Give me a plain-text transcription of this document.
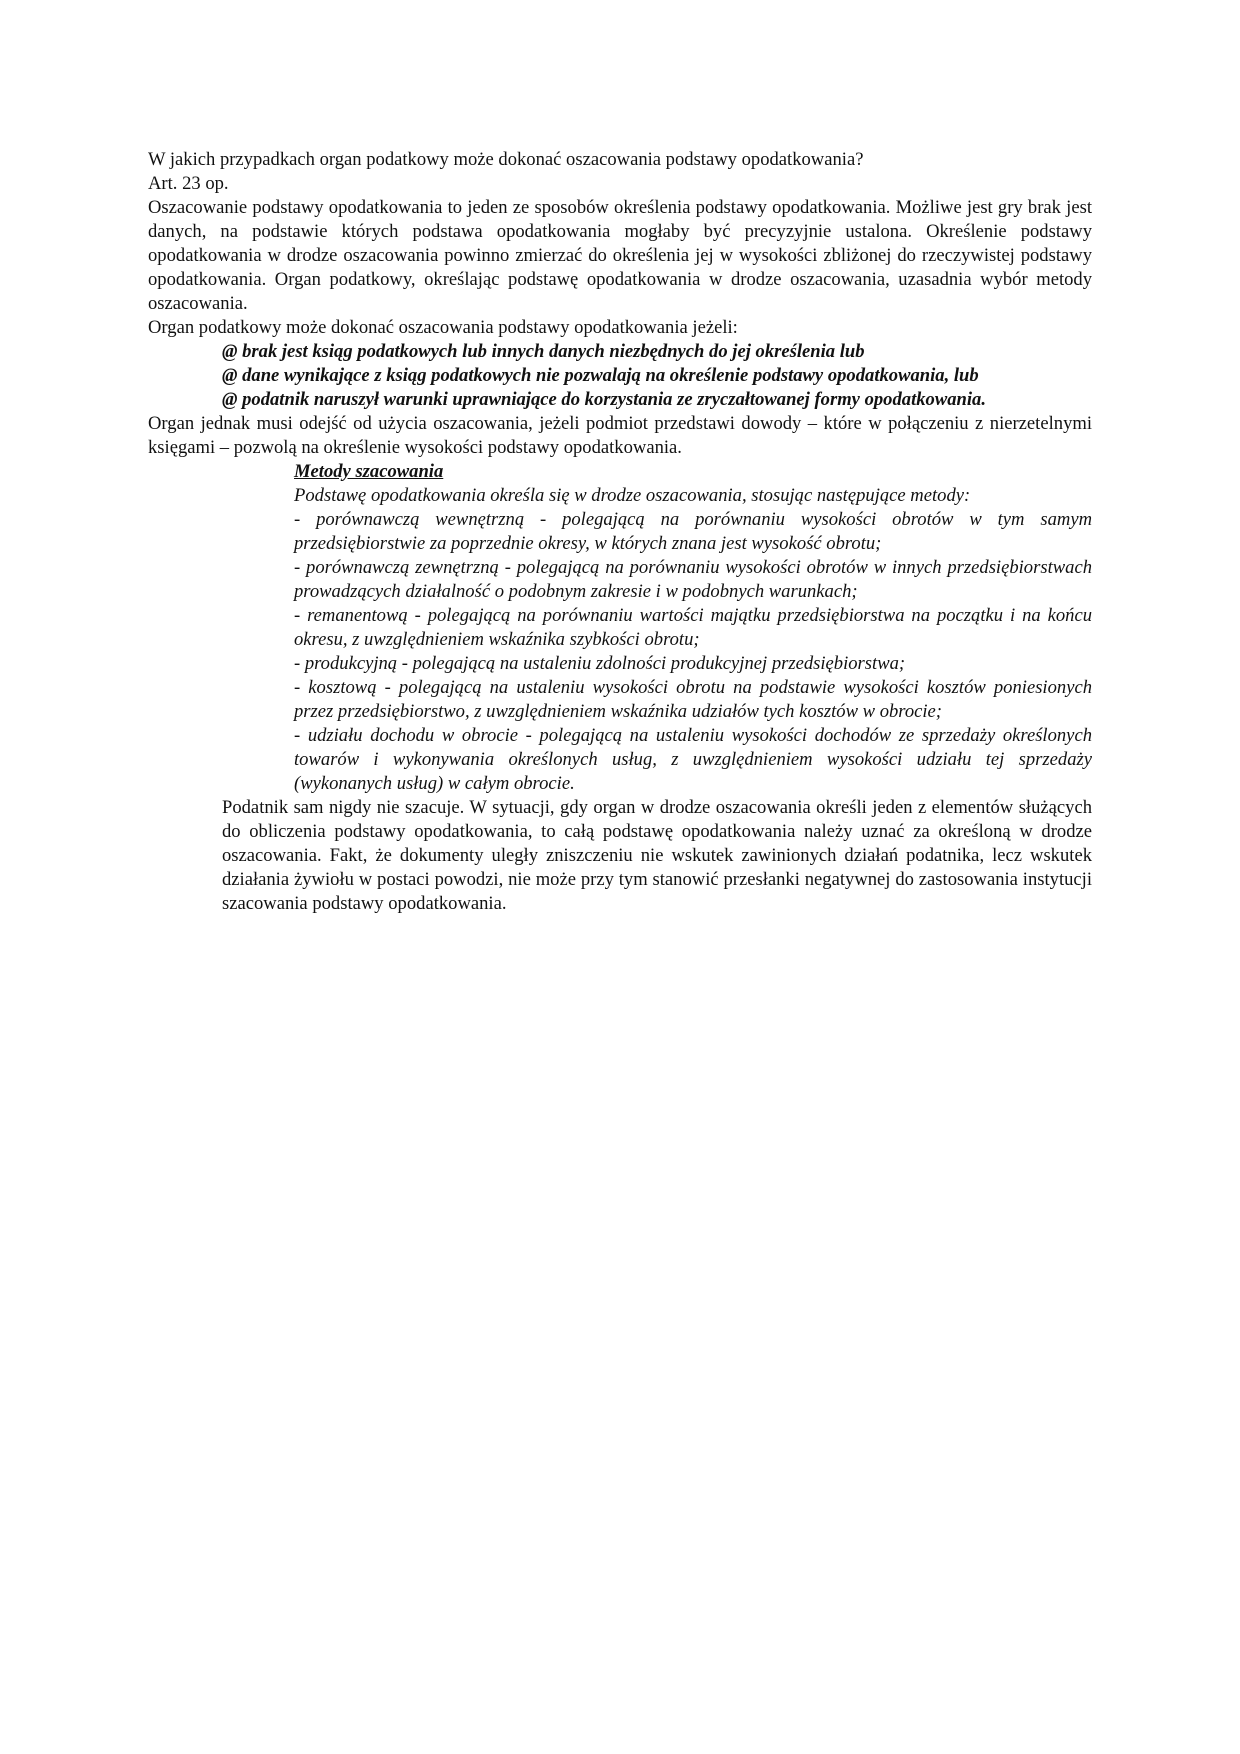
W jakich przypadkach organ podatkowy może dokonać oszacowania podstawy opodatkowania?

Art. 23 op.

Oszacowanie podstawy opodatkowania to jeden ze sposobów określenia podstawy opodatkowania. Możliwe jest gry brak jest danych, na podstawie których podstawa opodatkowania mogłaby być precyzyjnie ustalona. Określenie podstawy opodatkowania w drodze oszacowania powinno zmierzać do określenia jej w wysokości zbliżonej do rzeczywistej podstawy opodatkowania. Organ podatkowy, określając podstawę opodatkowania w drodze oszacowania, uzasadnia wybór metody oszacowania.

Organ podatkowy może dokonać oszacowania podstawy opodatkowania jeżeli:

@ brak jest ksiąg podatkowych lub innych danych niezbędnych do jej określenia lub
@ dane wynikające z ksiąg podatkowych nie pozwalają na określenie podstawy opodatkowania, lub
@ podatnik naruszył warunki uprawniające do korzystania ze zryczałtowanej formy opodatkowania.

Organ jednak musi odejść od użycia oszacowania, jeżeli podmiot przedstawi dowody – które w połączeniu z nierzetelnymi księgami – pozwolą na określenie wysokości podstawy opodatkowania.

Metody szacowania

Podstawę opodatkowania określa się w drodze oszacowania, stosując następujące metody:

- porównawczą wewnętrzną - polegającą na porównaniu wysokości obrotów w tym samym przedsiębiorstwie za poprzednie okresy, w których znana jest wysokość obrotu;

- porównawczą zewnętrzną - polegającą na porównaniu wysokości obrotów w innych przedsiębiorstwach prowadzących działalność o podobnym zakresie i w podobnych warunkach;

- remanentową - polegającą na porównaniu wartości majątku przedsiębiorstwa na początku i na końcu okresu, z uwzględnieniem wskaźnika szybkości obrotu;

- produkcyjną - polegającą na ustaleniu zdolności produkcyjnej przedsiębiorstwa;

- kosztową - polegającą na ustaleniu wysokości obrotu na podstawie wysokości kosztów poniesionych przez przedsiębiorstwo, z uwzględnieniem wskaźnika udziałów tych kosztów w obrocie;

- udziału dochodu w obrocie - polegającą na ustaleniu wysokości dochodów ze sprzedaży określonych towarów i wykonywania określonych usług, z uwzględnieniem wysokości udziału tej sprzedaży (wykonanych usług) w całym obrocie.

Podatnik sam nigdy nie szacuje. W sytuacji, gdy organ w drodze oszacowania określi jeden z elementów służących do obliczenia podstawy opodatkowania, to całą podstawę opodatkowania należy uznać za określoną w drodze oszacowania. Fakt, że dokumenty uległy zniszczeniu nie wskutek zawinionych działań podatnika, lecz wskutek działania żywiołu w postaci powodzi, nie może przy tym stanowić przesłanki negatywnej do zastosowania instytucji szacowania podstawy opodatkowania.
